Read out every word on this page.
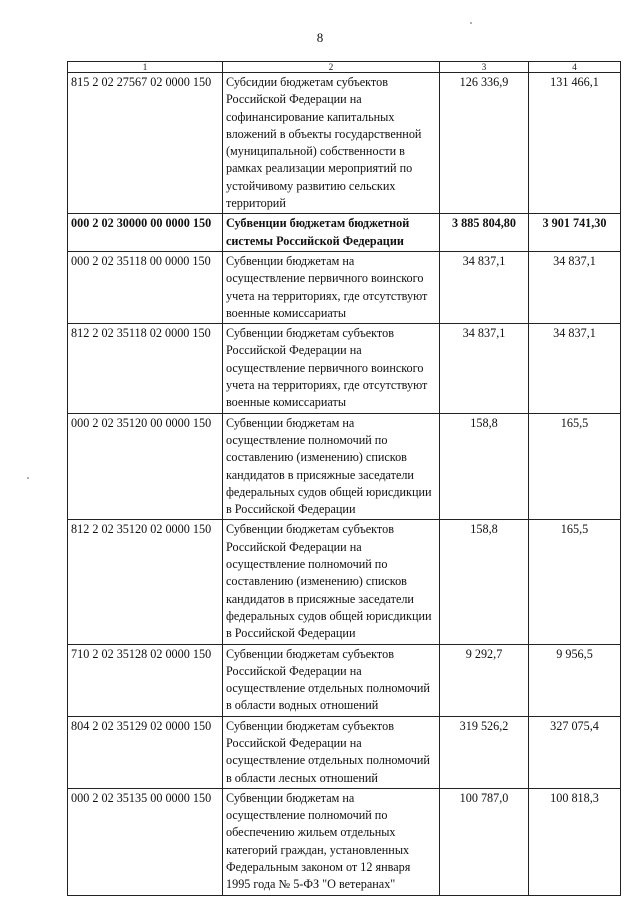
8
1	2	3	4
815 2 02 27567 02 0000 150	Субсидии бюджетам субъектов Российской Федерации на софинансирование капитальных вложений в объекты государственной (муниципальной) собственности в рамках реализации мероприятий по устойчивому развитию сельских территорий	126 336,9	131 466,1
000 2 02 30000 00 0000 150	Субвенции бюджетам бюджетной системы Российской Федерации	3 885 804,80	3 901 741,30
000 2 02 35118 00 0000 150	Субвенции бюджетам на осуществление первичного воинского учета на территориях, где отсутствуют военные комиссариаты	34 837,1	34 837,1
812 2 02 35118 02 0000 150	Субвенции бюджетам субъектов Российской Федерации на осуществление первичного воинского учета на территориях, где отсутствуют военные комиссариаты	34 837,1	34 837,1
000 2 02 35120 00 0000 150	Субвенции бюджетам на осуществление полномочий по составлению (изменению) списков кандидатов в присяжные заседатели федеральных судов общей юрисдикции в Российской Федерации	158,8	165,5
812 2 02 35120 02 0000 150	Субвенции бюджетам субъектов Российской Федерации на осуществление полномочий по составлению (изменению) списков кандидатов в присяжные заседатели федеральных судов общей юрисдикции в Российской Федерации	158,8	165,5
710 2 02 35128 02 0000 150	Субвенции бюджетам субъектов Российской Федерации на осуществление отдельных полномочий в области водных отношений	9 292,7	9 956,5
804 2 02 35129 02 0000 150	Субвенции бюджетам субъектов Российской Федерации на осуществление отдельных полномочий в области лесных отношений	319 526,2	327 075,4
000 2 02 35135 00 0000 150	Субвенции бюджетам на осуществление полномочий по обеспечению жильем отдельных категорий граждан, установленных Федеральным законом от 12 января 1995 года № 5-ФЗ "О ветеранах"	100 787,0	100 818,3
